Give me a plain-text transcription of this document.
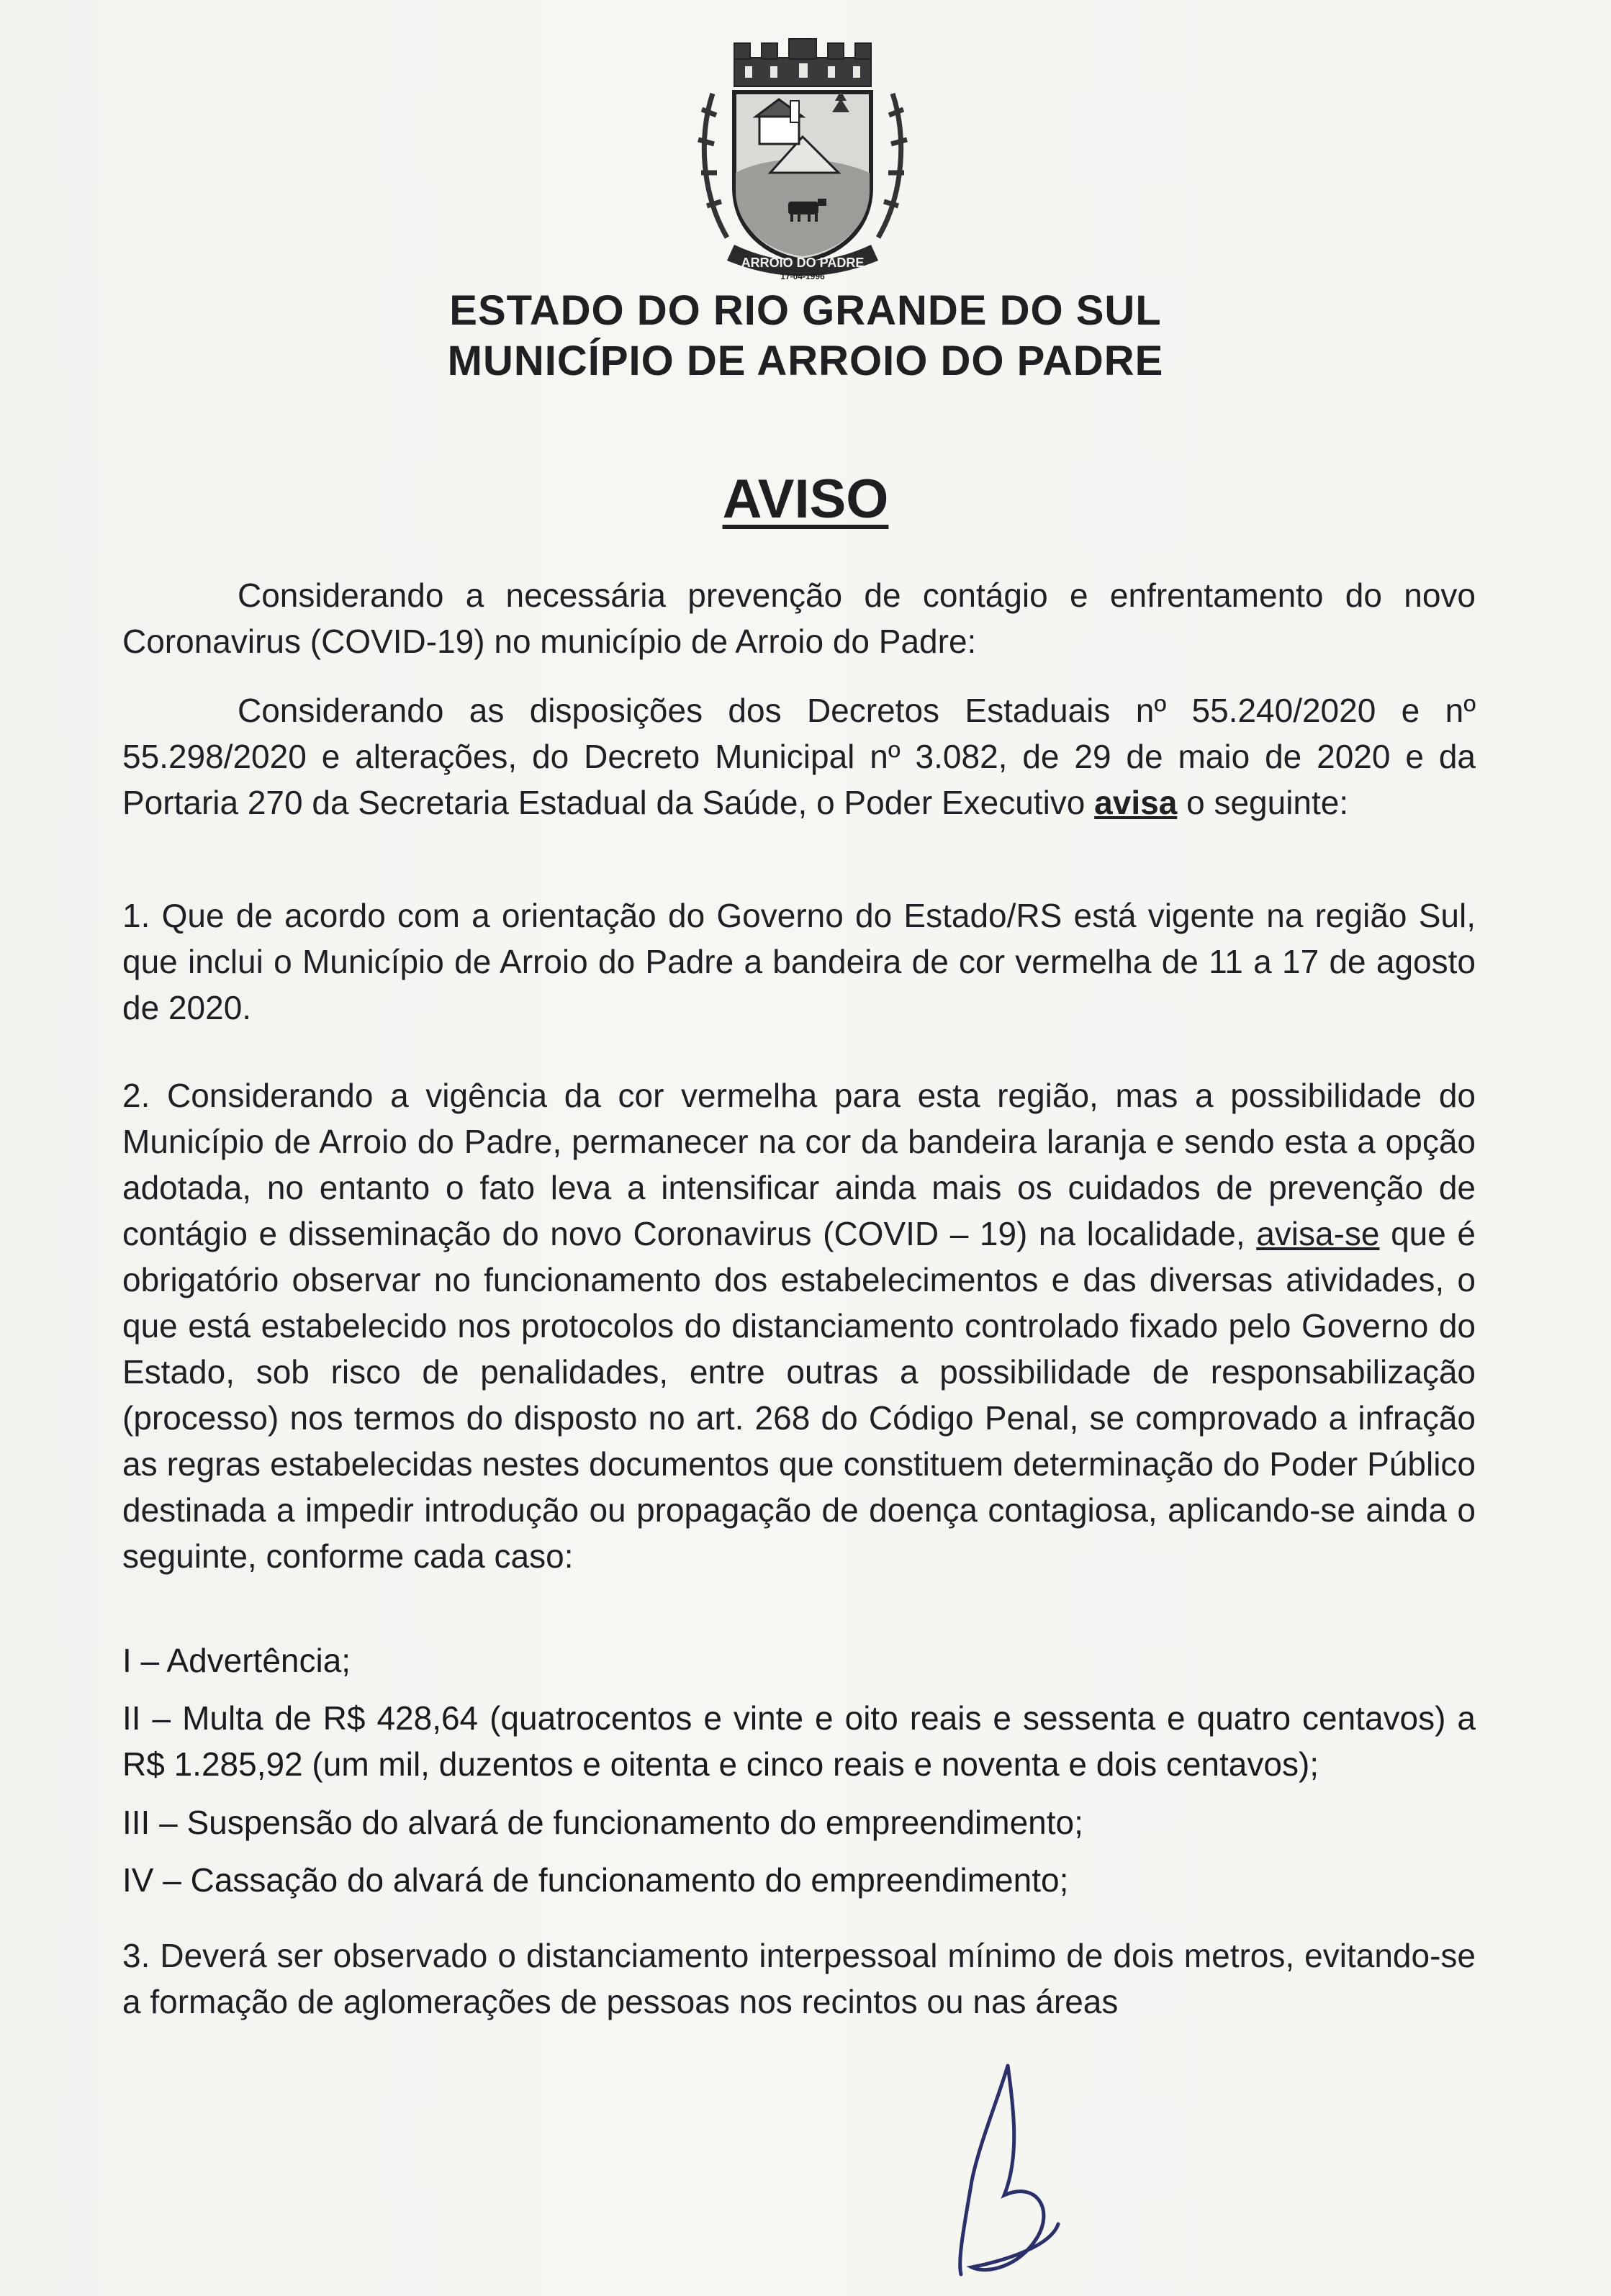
ARROIO DO PADRE
17-04-1996
ESTADO DO RIO GRANDE DO SUL
MUNICÍPIO DE ARROIO DO PADRE
AVISO

Considerando a necessária prevenção de contágio e enfrentamento do novo Coronavirus (COVID-19) no município de Arroio do Padre:

Considerando as disposições dos Decretos Estaduais nº 55.240/2020 e nº 55.298/2020 e alterações, do Decreto Municipal nº 3.082, de 29 de maio de 2020 e da Portaria 270 da Secretaria Estadual da Saúde, o Poder Executivo avisa o seguinte:

1. Que de acordo com a orientação do Governo do Estado/RS está vigente na região Sul, que inclui o Município de Arroio do Padre a bandeira de cor vermelha de 11 a 17 de agosto de 2020.

2. Considerando a vigência da cor vermelha para esta região, mas a possibilidade do Município de Arroio do Padre, permanecer na cor da bandeira laranja e sendo esta a opção adotada, no entanto o fato leva a intensificar ainda mais os cuidados de prevenção de contágio e disseminação do novo Coronavirus (COVID – 19) na localidade, avisa-se que é obrigatório observar no funcionamento dos estabelecimentos e das diversas atividades, o que está estabelecido nos protocolos do distanciamento controlado fixado pelo Governo do Estado, sob risco de penalidades, entre outras a possibilidade de responsabilização (processo) nos termos do disposto no art. 268 do Código Penal, se comprovado a infração as regras estabelecidas nestes documentos que constituem determinação do Poder Público destinada a impedir introdução ou propagação de doença contagiosa, aplicando-se ainda o seguinte, conforme cada caso:

I – Advertência;
II – Multa de R$ 428,64 (quatrocentos e vinte e oito reais e sessenta e quatro centavos) a R$ 1.285,92 (um mil, duzentos e oitenta e cinco reais e noventa e dois centavos);
III – Suspensão do alvará de funcionamento do empreendimento;
IV – Cassação do alvará de funcionamento do empreendimento;

3. Deverá ser observado o distanciamento interpessoal mínimo de dois metros, evitando-se a formação de aglomerações de pessoas nos recintos ou nas áreas
